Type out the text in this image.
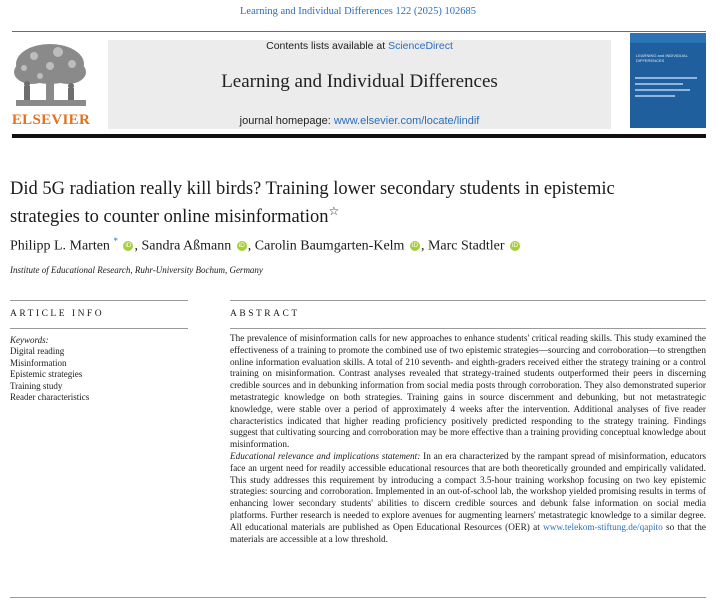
Learning and Individual Differences 122 (2025) 102685
ELSEVIER
Contents lists available at ScienceDirect
Learning and Individual Differences
journal homepage: www.elsevier.com/locate/lindif
LEARNING and INDIVIDUAL DIFFERENCES
Did 5G radiation really kill birds? Training lower secondary students in epistemic strategies to counter online misinformation☆
Philipp L. Marten * iD , Sandra Aßmann iD , Carolin Baumgarten-Kelm iD , Marc Stadtler iD
Institute of Educational Research, Ruhr-University Bochum, Germany
ARTICLE INFO	ABSTRACT
Keywords:
Digital reading
Misinformation
Epistemic strategies
Training study
Reader characteristics

The prevalence of misinformation calls for new approaches to enhance students' critical reading skills. This study examined the effectiveness of a training to promote the combined use of two epistemic strategies—sourcing and corroboration—to strengthen online information evaluation skills. A total of 210 seventh- and eighth-graders received either the strategy training or a control training on misinformation. Contrast analyses revealed that strategy-trained students outperformed their peers in discerning credible sources and in debunking information from social media posts through corroboration. They also demonstrated superior metastrategic knowledge on both strategies. Training gains in source discernment and debunking, but not metastrategic knowledge, were stable over a period of approximately 4 weeks after the intervention. Additional analyses of five reader characteristics indicated that higher reading proficiency positively predicted responding to the strategy training. Findings suggest that cultivating sourcing and corroboration may be more effective than a training providing conceptual knowledge about misinformation.

Educational relevance and implications statement: In an era characterized by the rampant spread of misinformation, educators face an urgent need for readily accessible educational resources that are both theoretically grounded and empirically validated. This study addresses this requirement by introducing a compact 3.5-hour training workshop focusing on two key epistemic strategies: sourcing and corroboration. Implemented in an out-of-school lab, the workshop yielded promising results in terms of enhancing lower secondary students' abilities to discern credible sources and debunk false information on social media platforms. Further research is needed to explore avenues for augmenting learners' metastrategic knowledge to a similar degree. All educational materials are published as Open Educational Resources (OER) at www.telekom-stiftung.de/qapito so that the materials are accessible at a low threshold.
